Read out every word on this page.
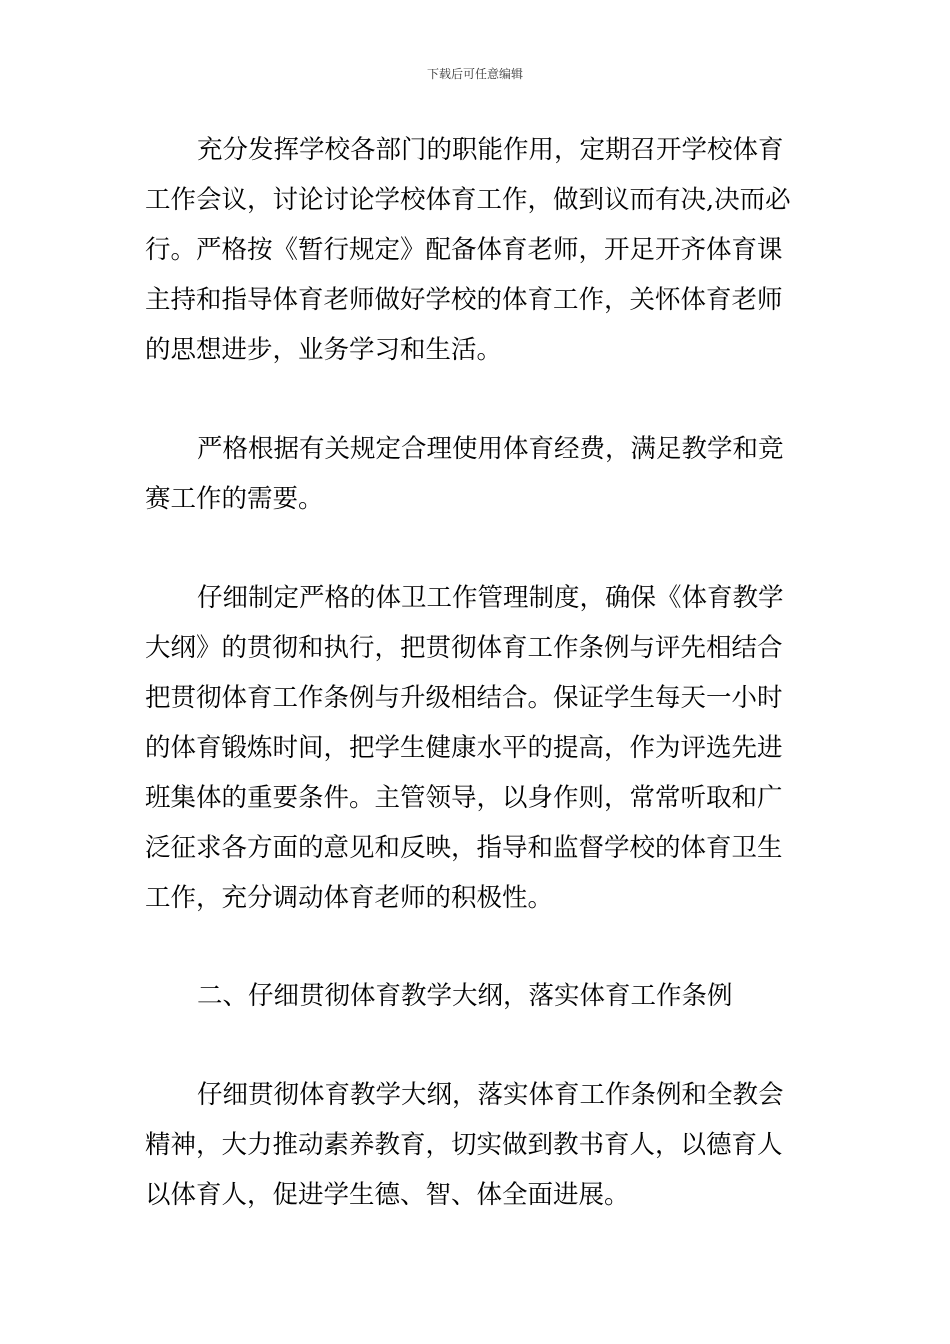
下载后可任意编辑
充分发挥学校各部门的职能作用，定期召开学校体育
工作会议，讨论讨论学校体育工作，做到议而有决,决而必
行。严格按《暂行规定》配备体育老师，开足开齐体育课
主持和指导体育老师做好学校的体育工作，关怀体育老师
的思想进步，业务学习和生活。
严格根据有关规定合理使用体育经费，满足教学和竞
赛工作的需要。
仔细制定严格的体卫工作管理制度，确保《体育教学
大纲》的贯彻和执行，把贯彻体育工作条例与评先相结合
把贯彻体育工作条例与升级相结合。保证学生每天一小时
的体育锻炼时间，把学生健康水平的提高，作为评选先进
班集体的重要条件。主管领导，以身作则，常常听取和广
泛征求各方面的意见和反映，指导和监督学校的体育卫生
工作，充分调动体育老师的积极性。
二、仔细贯彻体育教学大纲，落实体育工作条例
仔细贯彻体育教学大纲，落实体育工作条例和全教会
精神，大力推动素养教育，切实做到教书育人，以德育人
以体育人，促进学生德、智、体全面进展。
